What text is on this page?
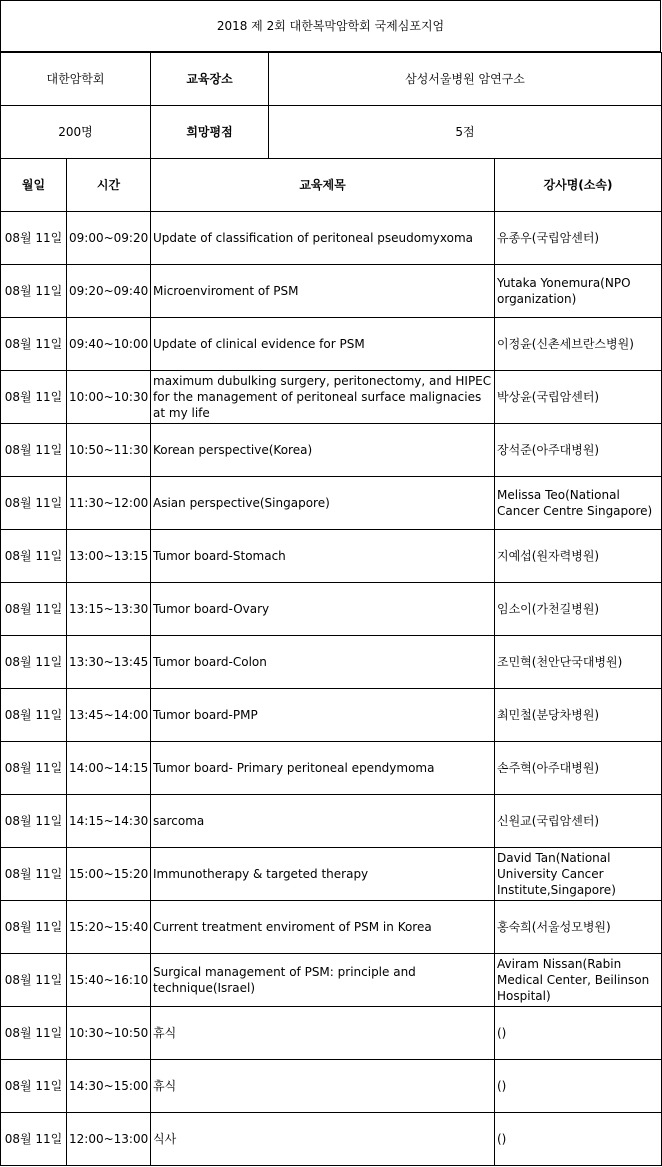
2018 제 2회 대한복막암학회 국제심포지엄
대한암학회	교육장소	삼성서울병원 암연구소
200명	희망평점	5점
월일	시간	교육제목	강사명(소속)
08월 11일	09:00~09:20	Update of classification of peritoneal pseudomyxoma	유종우(국립암센터)
08월 11일	09:20~09:40	Microenviroment of PSM	Yutaka Yonemura(NPO organization)
08월 11일	09:40~10:00	Update of clinical evidence for PSM	이정윤(신촌세브란스병원)
08월 11일	10:00~10:30	maximum dubulking surgery, peritonectomy, and HIPEC for the management of peritoneal surface malignacies at my life	박상윤(국립암센터)
08월 11일	10:50~11:30	Korean perspective(Korea)	장석준(아주대병원)
08월 11일	11:30~12:00	Asian perspective(Singapore)	Melissa Teo(National Cancer Centre Singapore)
08월 11일	13:00~13:15	Tumor board-Stomach	지예섭(원자력병원)
08월 11일	13:15~13:30	Tumor board-Ovary	임소이(가천길병원)
08월 11일	13:30~13:45	Tumor board-Colon	조민혁(천안단국대병원)
08월 11일	13:45~14:00	Tumor board-PMP	최민철(분당차병원)
08월 11일	14:00~14:15	Tumor board- Primary peritoneal ependymoma	손주혁(아주대병원)
08월 11일	14:15~14:30	sarcoma	신원교(국립암센터)
08월 11일	15:00~15:20	Immunotherapy & targeted therapy	David Tan(National University Cancer Institute,Singapore)
08월 11일	15:20~15:40	Current treatment enviroment of PSM in Korea	홍숙희(서울성모병원)
08월 11일	15:40~16:10	Surgical management of PSM: principle and technique(Israel)	Aviram Nissan(Rabin Medical Center, Beilinson Hospital)
08월 11일	10:30~10:50	휴식	()
08월 11일	14:30~15:00	휴식	()
08월 11일	12:00~13:00	식사	()
